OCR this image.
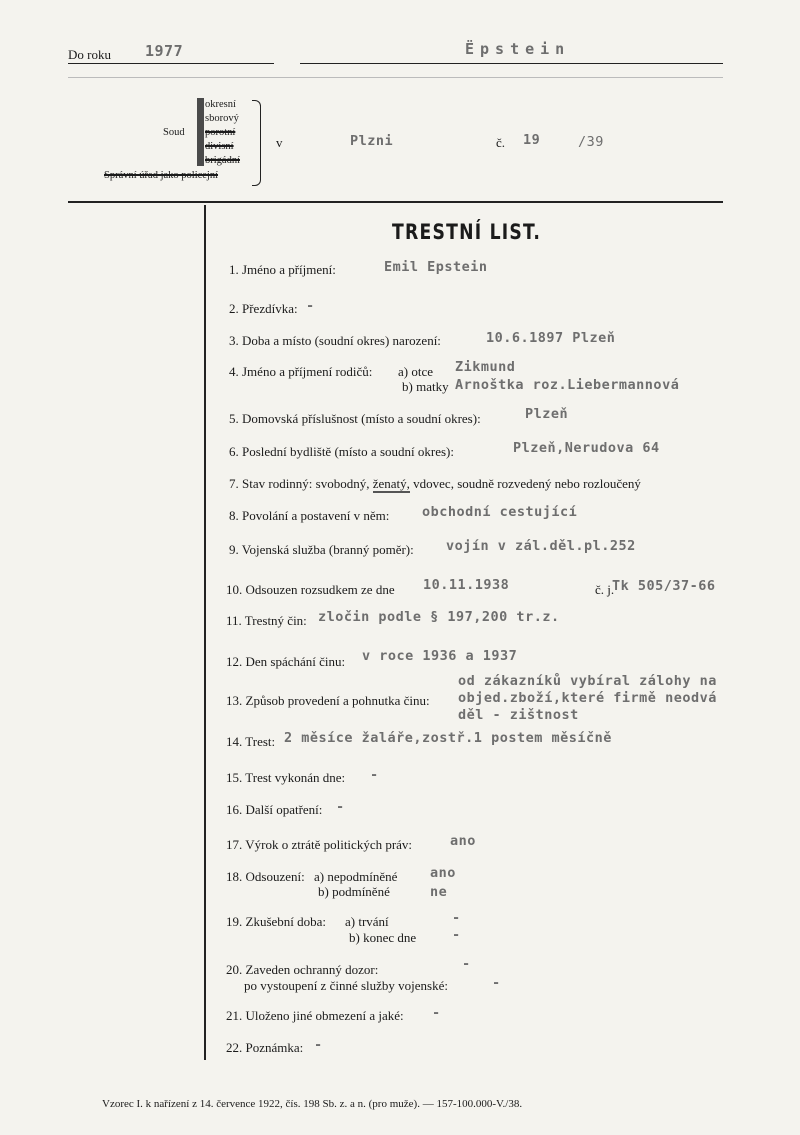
Do roku 1977	Ëpstein
Soud
okresní
sborový
porotní
divisní
brigádní
Správní úřad jako policejní
v	Plzni	č. 19	/39
TRESTNÍ LIST.
1. Jméno a příjmení:	Emil Epstein
2. Přezdívka: -
3. Doba a místo (soudní okres) narození:	10.6.1897 Plzeň
4. Jméno a příjmení rodičů: a) otce Zikmund
b) matky Arnoštka roz.Liebermannová
5. Domovská příslušnost (místo a soudní okres):	Plzeň
6. Poslední bydliště (místo a soudní okres):	Plzeň,Nerudova 64
7. Stav rodinný: svobodný, ženatý, vdovec, soudně rozvedený nebo rozloučený
8. Povolání a postavení v něm: obchodní cestující
9. Vojenská služba (branný poměr): vojín v zál.děl.pl.252
10. Odsouzen rozsudkem ze dne 10.11.1938	č. j.
Tk 505/37-66
11. Trestný čin: zločin podle § 197,200 tr.z.
12. Den spáchání činu: v roce 1936 a 1937
13. Způsob provedení a pohnutka činu:
od zákazníků vybíral zálohy na
objed.zboží,které firmě neodvá
děl - zištnost
14. Trest: 2 měsíce žaláře,zostř.1 postem měsíčně
15. Trest vykonán dne: -
16. Další opatření: -
17. Výrok o ztrátě politických práv:	ano
18. Odsouzení: a) nepodmíněné ano
b) podmíněné	ne
19. Zkušební doba: a) trvání	-
b) konec dne	-
20. Zaveden ochranný dozor:	-
po vystoupení z činné služby vojenské:	-
21. Uloženo jiné obmezení a jaké: -
22. Poznámka: -
Vzorec I. k nařízení z 14. července 1922, čís. 198 Sb. z. a n. (pro muže). — 157-100.000-V./38.
